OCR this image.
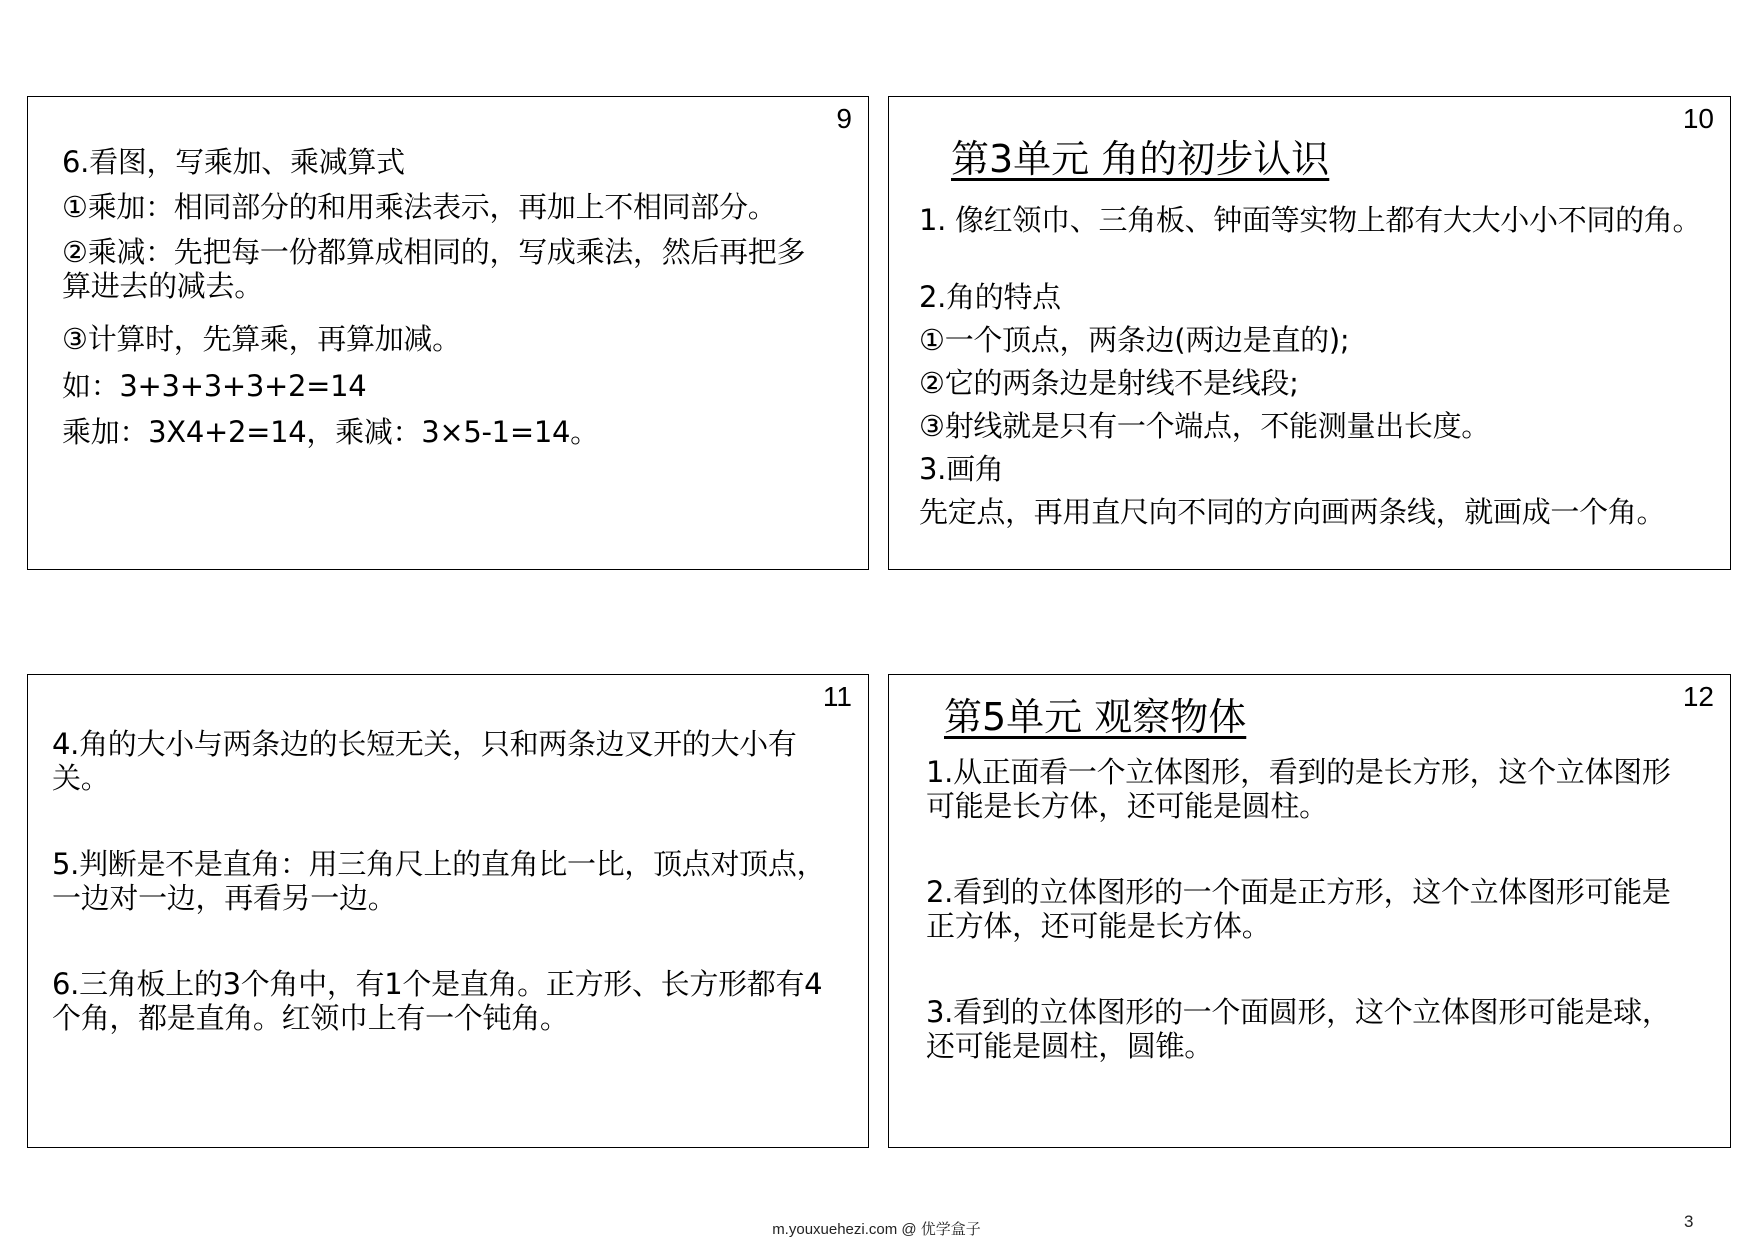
9
6.看图，写乘加、乘减算式
①乘加：相同部分的和用乘法表示，再加上不相同部分。
②乘减：先把每一份都算成相同的，写成乘法，然后再把多算进去的减去。
③计算时，先算乘，再算加减。
如：3+3+3+3+2=14
乘加：3X4+2=14，乘减：3×5-1=14。
10
第3单元 角的初步认识
1. 像红领巾、三角板、钟面等实物上都有大大小小不同的角。
2.角的特点
①一个顶点，两条边(两边是直的);
②它的两条边是射线不是线段;
③射线就是只有一个端点，不能测量出长度。
3.画角
先定点，再用直尺向不同的方向画两条线，就画成一个角。
11
4.角的大小与两条边的长短无关，只和两条边叉开的大小有关。
5.判断是不是直角：用三角尺上的直角比一比，顶点对顶点，一边对一边，再看另一边。
6.三角板上的3个角中，有1个是直角。正方形、长方形都有4个角，都是直角。红领巾上有一个钝角。
12
第5单元 观察物体
1.从正面看一个立体图形，看到的是长方形，这个立体图形可能是长方体，还可能是圆柱。
2.看到的立体图形的一个面是正方形，这个立体图形可能是正方体，还可能是长方体。
3.看到的立体图形的一个面圆形，这个立体图形可能是球，还可能是圆柱，圆锥。
m.youxuehezi.com @ 优学盒子	3
